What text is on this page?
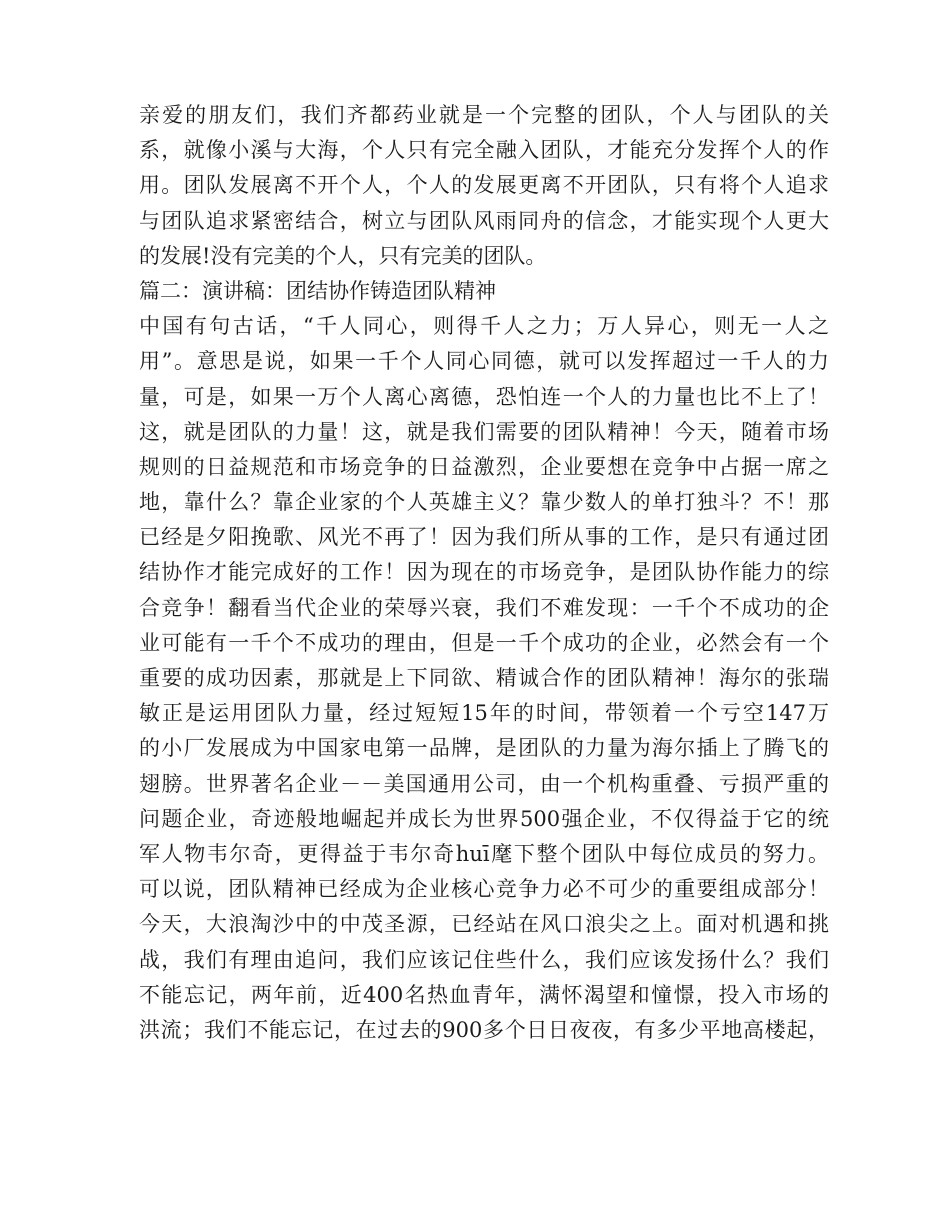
亲爱的朋友们，我们齐都药业就是一个完整的团队，个人与团队的关
系，就像小溪与大海，个人只有完全融入团队，才能充分发挥个人的作
用。团队发展离不开个人，个人的发展更离不开团队，只有将个人追求
与团队追求紧密结合，树立与团队风雨同舟的信念，才能实现个人更大
的发展!没有完美的个人，只有完美的团队。
篇二：演讲稿：团结协作铸造团队精神
中国有句古话，“千人同心，则得千人之力；万人异心，则无一人之
用”。意思是说，如果一千个人同心同德，就可以发挥超过一千人的力
量，可是，如果一万个人离心离德，恐怕连一个人的力量也比不上了！
这，就是团队的力量！这，就是我们需要的团队精神！今天，随着市场
规则的日益规范和市场竞争的日益激烈，企业要想在竞争中占据一席之
地，靠什么？靠企业家的个人英雄主义？靠少数人的单打独斗？不！那
已经是夕阳挽歌、风光不再了！因为我们所从事的工作，是只有通过团
结协作才能完成好的工作！因为现在的市场竞争，是团队协作能力的综
合竞争！翻看当代企业的荣辱兴衰，我们不难发现：一千个不成功的企
业可能有一千个不成功的理由，但是一千个成功的企业，必然会有一个
重要的成功因素，那就是上下同欲、精诚合作的团队精神！海尔的张瑞
敏正是运用团队力量，经过短短15年的时间，带领着一个亏空147万
的小厂发展成为中国家电第一品牌，是团队的力量为海尔插上了腾飞的
翅膀。世界著名企业－－美国通用公司，由一个机构重叠、亏损严重的
问题企业，奇迹般地崛起并成长为世界500强企业，不仅得益于它的统
军人物韦尔奇，更得益于韦尔奇huī麾下整个团队中每位成员的努力。
可以说，团队精神已经成为企业核心竞争力必不可少的重要组成部分！
今天，大浪淘沙中的中茂圣源，已经站在风口浪尖之上。面对机遇和挑
战，我们有理由追问，我们应该记住些什么，我们应该发扬什么？我们
不能忘记，两年前，近400名热血青年，满怀渴望和憧憬，投入市场的
洪流；我们不能忘记，在过去的900多个日日夜夜，有多少平地高楼起，
